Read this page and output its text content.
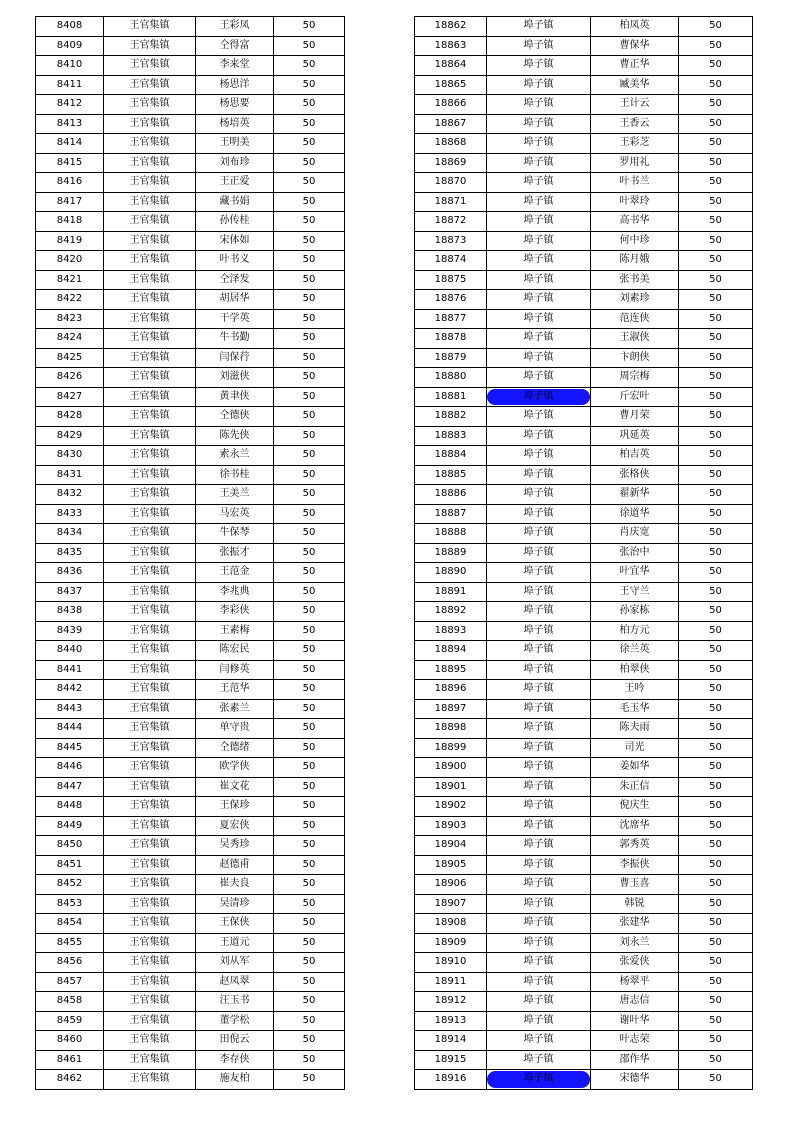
8408	王官集镇	王彩凤	50
8409	王官集镇	仝得富	50
8410	王官集镇	李来堂	50
8411	王官集镇	杨思洋	50
8412	王官集镇	杨思要	50
8413	王官集镇	杨培英	50
8414	王官集镇	王明美	50
8415	王官集镇	刘布珍	50
8416	王官集镇	王正爱	50
8417	王官集镇	藏书娟	50
8418	王官集镇	孙传桂	50
8419	王官集镇	宋体如	50
8420	王官集镇	叶书义	50
8421	王官集镇	仝泽发	50
8422	王官集镇	胡居华	50
8423	王官集镇	干学英	50
8424	王官集镇	牛书勤	50
8425	王官集镇	闫保荇	50
8426	王官集镇	刘滋侠	50
8427	王官集镇	黄聿侠	50
8428	王官集镇	仝德侠	50
8429	王官集镇	陈先侠	50
8430	王官集镇	索永兰	50
8431	王官集镇	徐书桂	50
8432	王官集镇	王美兰	50
8433	王官集镇	马宏英	50
8434	王官集镇	牛保琴	50
8435	王官集镇	张振才	50
8436	王官集镇	王范金	50
8437	王官集镇	李兆典	50
8438	王官集镇	李彩侠	50
8439	王官集镇	王素梅	50
8440	王官集镇	陈宏民	50
8441	王官集镇	闫修英	50
8442	王官集镇	王范华	50
8443	王官集镇	张素兰	50
8444	王官集镇	单守贵	50
8445	王官集镇	仝德绪	50
8446	王官集镇	欧学侠	50
8447	王官集镇	崔文花	50
8448	王官集镇	王保珍	50
8449	王官集镇	夏宏侠	50
8450	王官集镇	吴秀珍	50
8451	王官集镇	赵德甫	50
8452	王官集镇	崔夫良	50
8453	王官集镇	吴清珍	50
8454	王官集镇	王保侠	50
8455	王官集镇	王道元	50
8456	王官集镇	刘从军	50
8457	王官集镇	赵凤翠	50
8458	王官集镇	汪玉书	50
8459	王官集镇	董学松	50
8460	王官集镇	田倪云	50
8461	王官集镇	李存侠	50
8462	王官集镇	施友柏	50
18862	埠子镇	柏凤英	50
18863	埠子镇	曹保华	50
18864	埠子镇	曹正华	50
18865	埠子镇	臧美华	50
18866	埠子镇	王计云	50
18867	埠子镇	王香云	50
18868	埠子镇	王彩芝	50
18869	埠子镇	罗用礼	50
18870	埠子镇	叶书兰	50
18871	埠子镇	叶翠玲	50
18872	埠子镇	高书华	50
18873	埠子镇	何中珍	50
18874	埠子镇	陈月娥	50
18875	埠子镇	张书美	50
18876	埠子镇	刘素珍	50
18877	埠子镇	范连侠	50
18878	埠子镇	王淑侠	50
18879	埠子镇	卞朗侠	50
18880	埠子镇	周宗梅	50
18881	埠子镇	斤宏叶	50
18882	埠子镇	曹月荣	50
18883	埠子镇	巩延英	50
18884	埠子镇	柏吉英	50
18885	埠子镇	张格侠	50
18886	埠子镇	翟新华	50
18887	埠子镇	徐道华	50
18888	埠子镇	肖庆宽	50
18889	埠子镇	张治中	50
18890	埠子镇	叶宜华	50
18891	埠子镇	王守兰	50
18892	埠子镇	孙家栋	50
18893	埠子镇	柏方元	50
18894	埠子镇	徐兰英	50
18895	埠子镇	柏翠侠	50
18896	埠子镇	王吟	50
18897	埠子镇	毛玉华	50
18898	埠子镇	陈夫雨	50
18899	埠子镇	司光	50
18900	埠子镇	姜如华	50
18901	埠子镇	朱正信	50
18902	埠子镇	倪庆生	50
18903	埠子镇	沈席华	50
18904	埠子镇	郭秀英	50
18905	埠子镇	李振侠	50
18906	埠子镇	曹玉喜	50
18907	埠子镇	韩锐	50
18908	埠子镇	张建华	50
18909	埠子镇	刘永兰	50
18910	埠子镇	张爱侠	50
18911	埠子镇	杨翠平	50
18912	埠子镇	唐志信	50
18913	埠子镇	谢叶华	50
18914	埠子镇	叶志荣	50
18915	埠子镇	邵作华	50
18916	埠子镇	宋德华	50
